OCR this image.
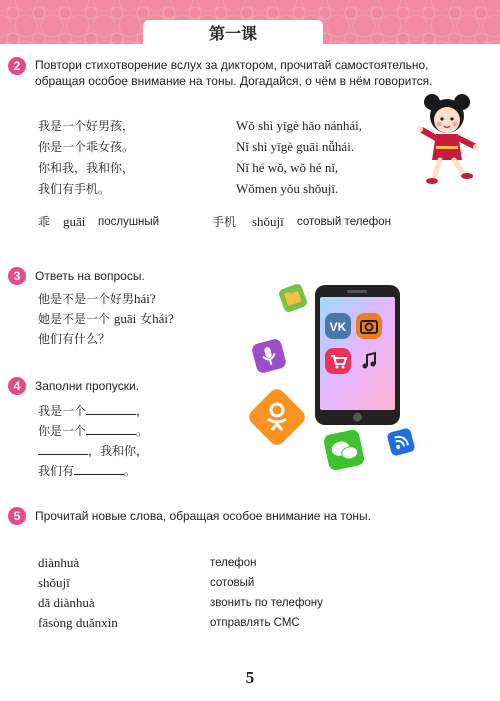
第一课
2	Повтори стихотворение вслух за диктором, прочитай самостоятельно,
обращая особое внимание на тоны. Догадайся, о чём в нём говорится.
我是一个好男孩，
你是一个乖女孩。
你和我，我和你，
我们有手机。
Wǒ shì yīgè hǎo nánhái,
Nǐ shì yīgè guāi nǚhái.
Nǐ hé wǒ, wǒ hé nǐ,
Wǒmen yǒu shǒujī.
乖 guāi послушный	手机 shǒujī сотовый телефон
3	Ответь на вопросы.
他是不是一个好男hái?
她是不是一个 guāi 女hái?
他们有什么？
4	Заполни пропуски.
我是一个	，
你是一个	。
，我和你，
我们有	。
VK
5	Прочитай новые слова, обращая особое внимание на тоны.
diànhuà	телефон
shǒujī	сотовый
dǎ diànhuà	звонить по телефону
fāsòng duǎnxìn	отправлять СМС
5
